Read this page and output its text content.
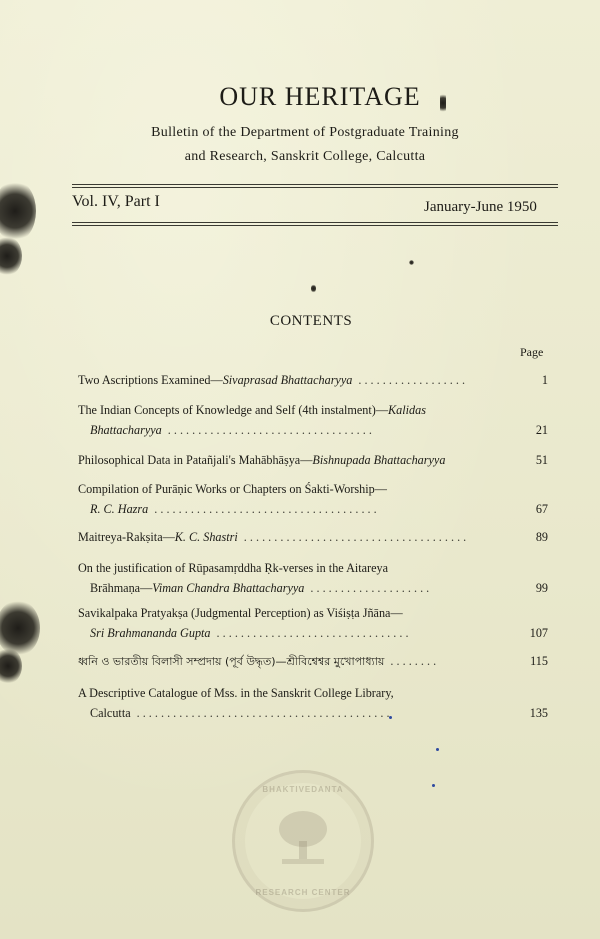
OUR HERITAGE
Bulletin of the Department of Postgraduate Training
and Research, Sanskrit College, Calcutta
Vol. IV, Part I	January-June 1950
CONTENTS
Page
Two Ascriptions Examined— Sivaprasad Bhattacharyya . . . . . . . . . . . . . . . . . .	1
The Indian Concepts of Knowledge and Self (4th instalment)— Kalidas
Bhattacharyya . . . . . . . . . . . . . . . . . . . . . . . . . . . . . . . . . .	21
Philosophical Data in Patañjali's Mahābhāṣya— Bishnupada Bhattacharyya	51
Compilation of Purāṇic Works or Chapters on Śakti-Worship—
R. C. Hazra . . . . . . . . . . . . . . . . . . . . . . . . . . . . . . . . . . . . .	67
Maitreya-Rakṣita— K. C. Shastri . . . . . . . . . . . . . . . . . . . . . . . . . . . . . . . . . . . . .	89
On the justification of Rūpasamṛddha Ṛk-verses in the Aitareya
Brāhmaṇa— Viman Chandra Bhattacharyya . . . . . . . . . . . . . . . . . . . .	99
Savikalpaka Pratyakṣa (Judgmental Perception) as Viśiṣṭa Jñāna—
Sri Brahmananda Gupta . . . . . . . . . . . . . . . . . . . . . . . . . . . . . . . .	107
ধ্বনি ও ভারতীয় বিলাসী সম্প্রদায় (পূর্ব উদ্ধৃত)—শ্রীবিশ্বেশ্বর মুখোপাধ্যায় . . . . . . . .	115
A Descriptive Catalogue of Mss. in the Sanskrit College Library,
Calcutta . . . . . . . . . . . . . . . . . . . . . . . . . . . . . . . . . . . . . . . . . .	135
BHAKTIVEDANTA
RESEARCH CENTER
